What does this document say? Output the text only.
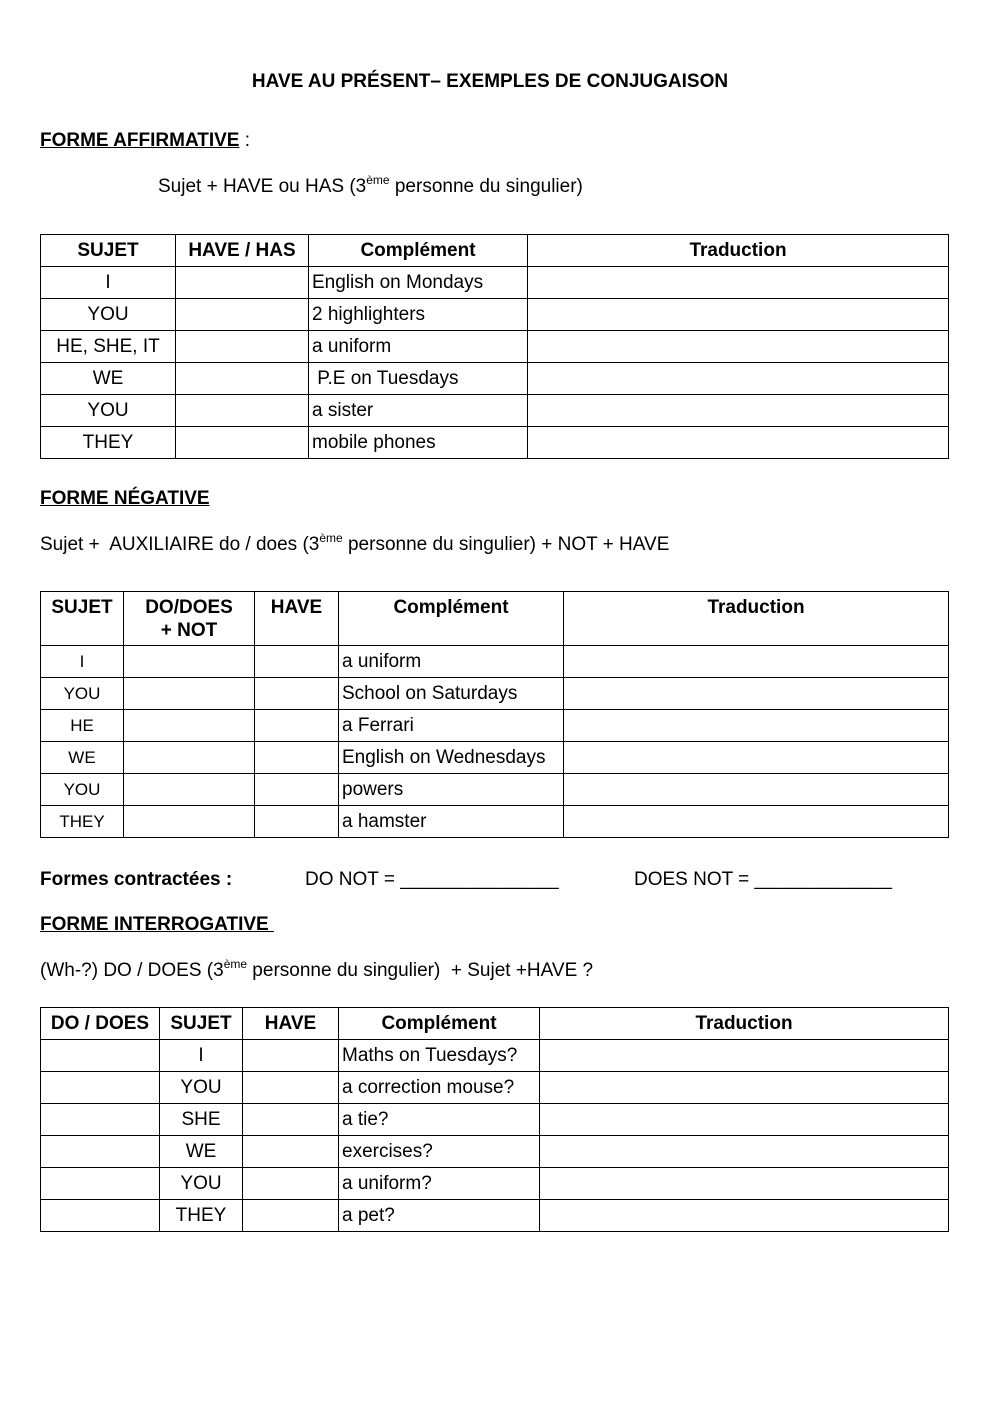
HAVE AU PRÉSENT– EXEMPLES DE CONJUGAISON
FORME AFFIRMATIVE :
Sujet + HAVE ou HAS (3ème personne du singulier)
SUJET	HAVE / HAS	Complément	Traduction
I		English on Mondays	
YOU		2 highlighters	
HE, SHE, IT		a uniform	
WE		P.E on Tuesdays	
YOU		a sister	
THEY		mobile phones	
FORME NÉGATIVE
Sujet +  AUXILIAIRE do / does (3ème personne du singulier) + NOT + HAVE
SUJET	DO/DOES + NOT	HAVE	Complément	Traduction
I			a uniform	
YOU			School on Saturdays	
HE			a Ferrari	
WE			English on Wednesdays	
YOU			powers	
THEY			a hamster	
Formes contractées :	DO NOT = _______________	DOES NOT = _____________
FORME INTERROGATIVE
(Wh-?) DO / DOES (3ème personne du singulier)  + Sujet +HAVE ?
DO / DOES	SUJET	HAVE	Complément	Traduction
	I		Maths on Tuesdays?	
	YOU		a correction mouse?	
	SHE		a tie?	
	WE		exercises?	
	YOU		a uniform?	
	THEY		a pet?	
